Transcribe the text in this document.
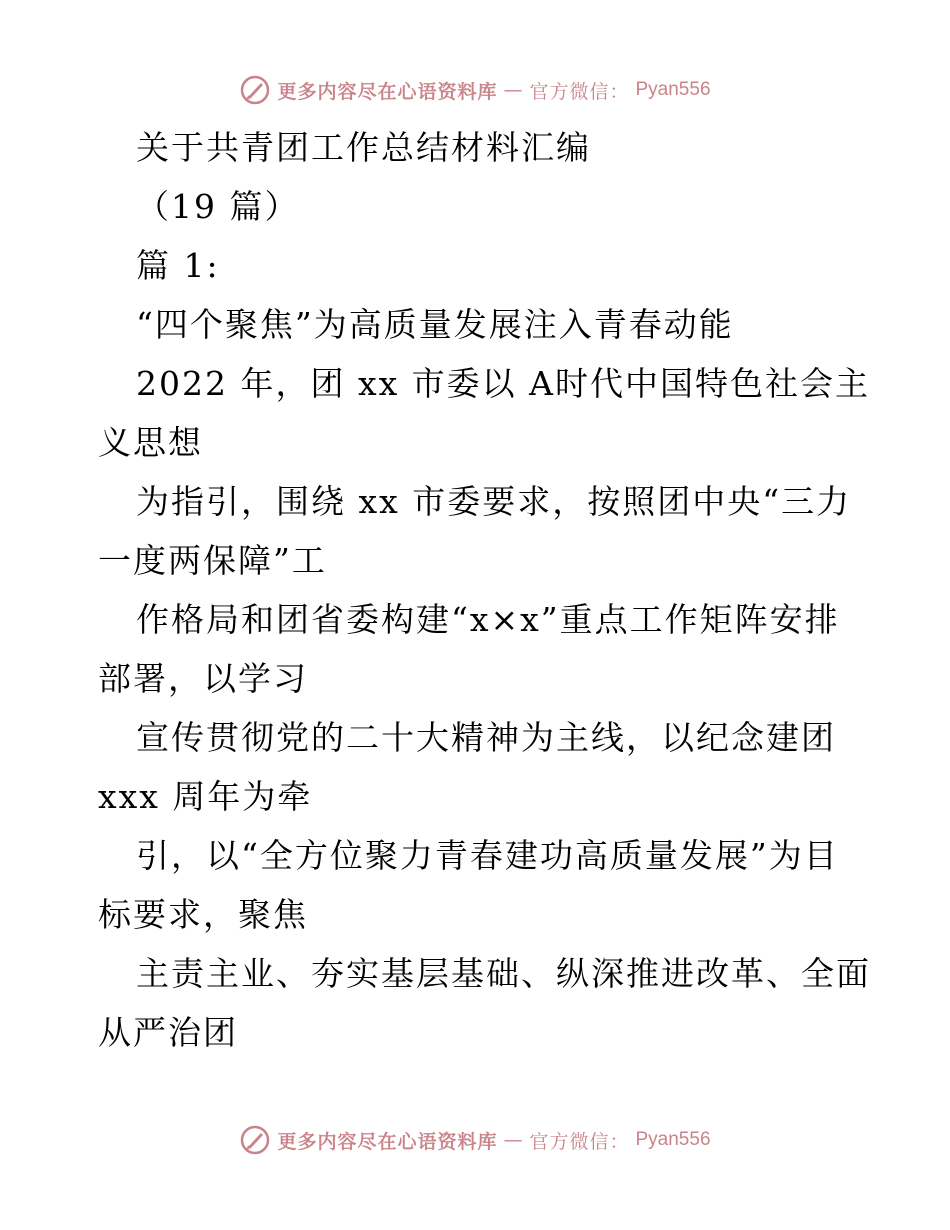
更多内容尽在心语资料库 — 官方微信： Pyan556
关于共青团工作总结材料汇编
（19 篇）
篇 1:
“四个聚焦”为高质量发展注入青春动能
2022 年，团 xx 市委以 A时代中国特色社会主
义思想
为指引，围绕 xx 市委要求，按照团中央“三力
一度两保障”工
作格局和团省委构建“x×x”重点工作矩阵安排
部署，以学习
宣传贯彻党的二十大精神为主线，以纪念建团
xxx 周年为牵
引，以“全方位聚力青春建功高质量发展”为目
标要求，聚焦
主责主业、夯实基层基础、纵深推进改革、全面
从严治团
更多内容尽在心语资料库 — 官方微信： Pyan556
